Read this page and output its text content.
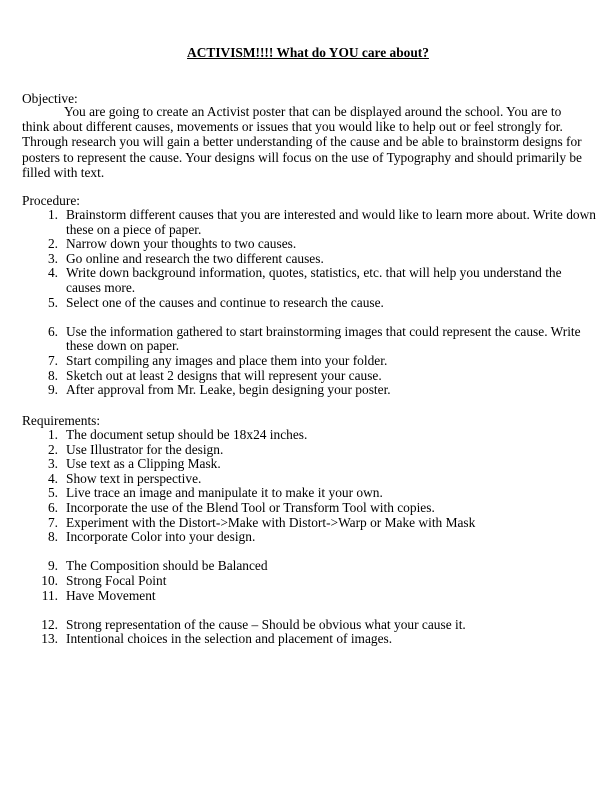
ACTIVISM!!!! What do YOU care about?
Objective:

You are going to create an Activist poster that can be displayed around the school. You are to think about different causes, movements or issues that you would like to help out or feel strongly for. Through research you will gain a better understanding of the cause and be able to brainstorm designs for posters to represent the cause. Your designs will focus on the use of Typography and should primarily be filled with text.

Procedure:
1. Brainstorm different causes that you are interested and would like to learn more about. Write down these on a piece of paper.
2. Narrow down your thoughts to two causes.
3. Go online and research the two different causes.
4. Write down background information, quotes, statistics, etc. that will help you understand the causes more.
5. Select one of the causes and continue to research the cause.
6. Use the information gathered to start brainstorming images that could represent the cause. Write these down on paper.
7. Start compiling any images and place them into your folder.
8. Sketch out at least 2 designs that will represent your cause.
9. After approval from Mr. Leake, begin designing your poster.
Requirements:
1. The document setup should be 18x24 inches.
2. Use Illustrator for the design.
3. Use text as a Clipping Mask.
4. Show text in perspective.
5. Live trace an image and manipulate it to make it your own.
6. Incorporate the use of the Blend Tool or Transform Tool with copies.
7. Experiment with the Distort->Make with Distort->Warp or Make with Mask
8. Incorporate Color into your design.
9. The Composition should be Balanced
10. Strong Focal Point
11. Have Movement
12. Strong representation of the cause – Should be obvious what your cause it.
13. Intentional choices in the selection and placement of images.
